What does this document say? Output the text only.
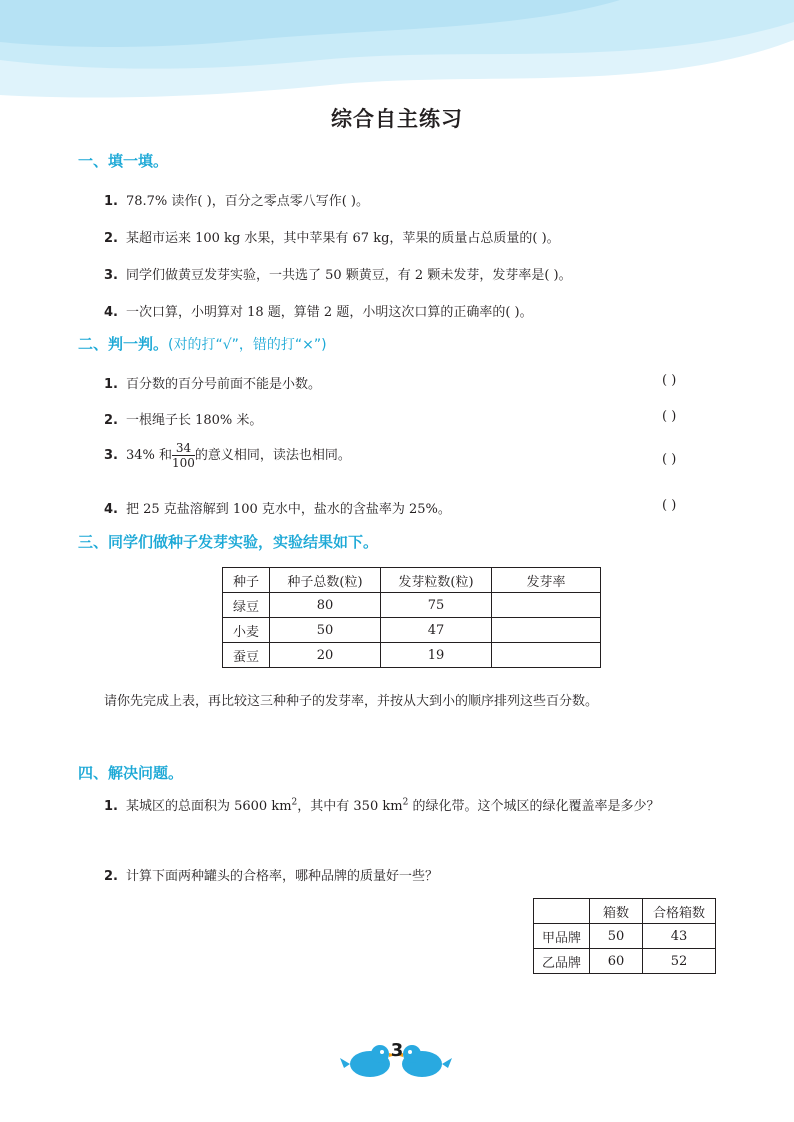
综合自主练习
一、填一填。
1. 78.7% 读作( )，百分之零点零八写作( )。
2. 某超市运来 100 kg 水果，其中苹果有 67 kg，苹果的质量占总质量的( )。
3. 同学们做黄豆发芽实验，一共选了 50 颗黄豆，有 2 颗未发芽，发芽率是( )。
4. 一次口算，小明算对 18 题，算错 2 题，小明这次口算的正确率的( )。
二、判一判。(对的打“√”，错的打“×”)
1. 百分数的百分号前面不能是小数。	( )
2. 一根绳子长 180% 米。	( )
3. 34% 和 $\frac{34}{100}$ 的意义相同，读法也相同。	( )
4. 把 25 克盐溶解到 100 克水中，盐水的含盐率为 25%。	( )
三、同学们做种子发芽实验，实验结果如下。
种子	种子总数(粒)	发芽粒数(粒)	发芽率
绿豆	80	75	
小麦	50	47	
蚕豆	20	19	
请你先完成上表，再比较这三种种子的发芽率，并按从大到小的顺序排列这些百分数。
四、解决问题。
1. 某城区的总面积为 5600 $km^2$，其中有 350 $km^2$ 的绿化带。这个城区的绿化覆盖率是多少？
2. 计算下面两种罐头的合格率，哪种品牌的质量好一些？
	箱数	合格箱数
甲品牌	50	43
乙品牌	60	52
3
